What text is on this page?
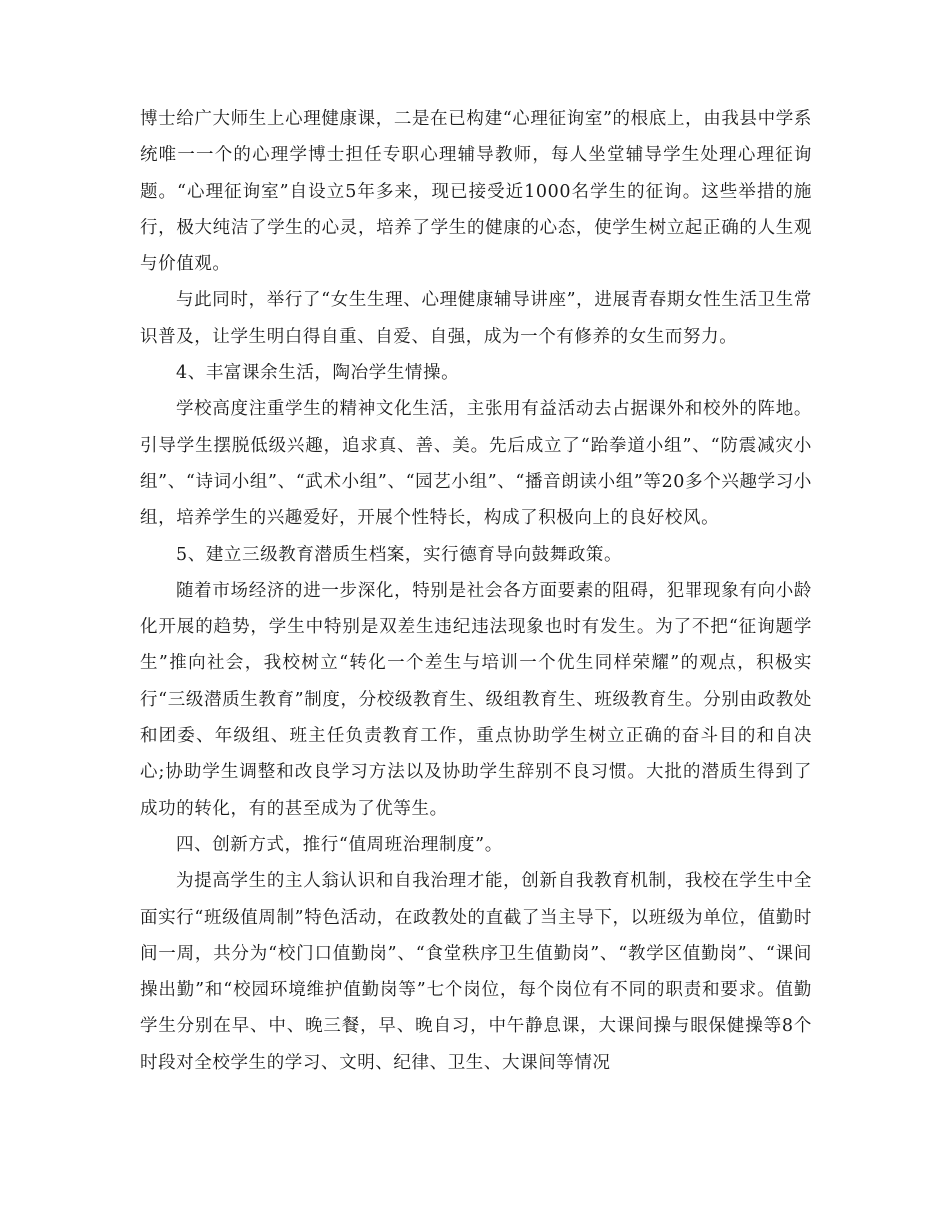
博士给广大师生上心理健康课，二是在已构建“心理征询室”的根底上，由我县中学系统唯一一个的心理学博士担任专职心理辅导教师，每人坐堂辅导学生处理心理征询题。“心理征询室”自设立5年多来，现已接受近1000名学生的征询。这些举措的施行，极大纯洁了学生的心灵，培养了学生的健康的心态，使学生树立起正确的人生观与价值观。

与此同时，举行了“女生生理、心理健康辅导讲座”，进展青春期女性生活卫生常识普及，让学生明白得自重、自爱、自强，成为一个有修养的女生而努力。

4、丰富课余生活，陶冶学生情操。

学校高度注重学生的精神文化生活，主张用有益活动去占据课外和校外的阵地。引导学生摆脱低级兴趣，追求真、善、美。先后成立了“跆拳道小组”、“防震减灾小组”、“诗词小组”、“武术小组”、“园艺小组”、“播音朗读小组”等20多个兴趣学习小组，培养学生的兴趣爱好，开展个性特长，构成了积极向上的良好校风。

5、建立三级教育潜质生档案，实行德育导向鼓舞政策。

随着市场经济的进一步深化，特别是社会各方面要素的阻碍，犯罪现象有向小龄化开展的趋势，学生中特别是双差生违纪违法现象也时有发生。为了不把“征询题学生”推向社会，我校树立“转化一个差生与培训一个优生同样荣耀”的观点，积极实行“三级潜质生教育”制度，分校级教育生、级组教育生、班级教育生。分别由政教处和团委、年级组、班主任负责教育工作，重点协助学生树立正确的奋斗目的和自决心;协助学生调整和改良学习方法以及协助学生辞别不良习惯。大批的潜质生得到了成功的转化，有的甚至成为了优等生。

四、创新方式，推行“值周班治理制度”。

为提高学生的主人翁认识和自我治理才能，创新自我教育机制，我校在学生中全面实行“班级值周制”特色活动，在政教处的直截了当主导下，以班级为单位，值勤时间一周，共分为“校门口值勤岗”、“食堂秩序卫生值勤岗”、“教学区值勤岗”、“课间操出勤”和“校园环境维护值勤岗等”七个岗位，每个岗位有不同的职责和要求。值勤学生分别在早、中、晚三餐，早、晚自习，中午静息课，大课间操与眼保健操等8个时段对全校学生的学习、文明、纪律、卫生、大课间等情况
